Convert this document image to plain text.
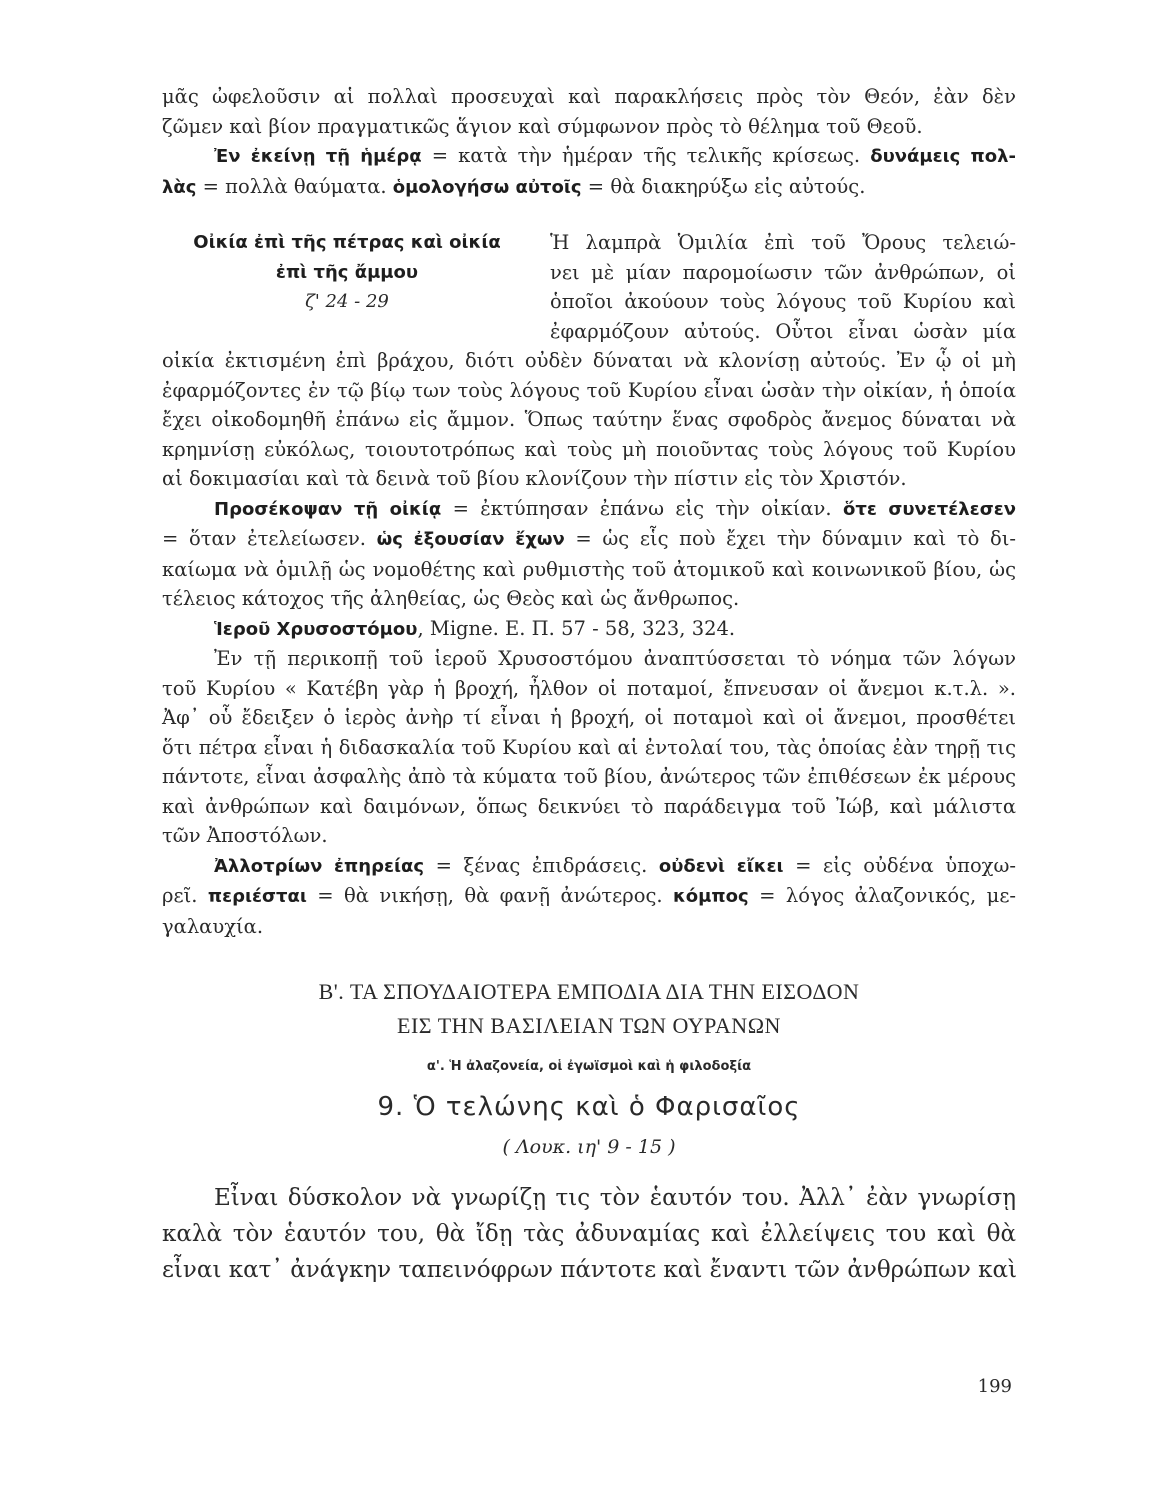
μᾶς ὠφελοῦσιν αἱ πολλαὶ προσευχαὶ καὶ παρακλήσεις πρὸς τὸν Θεόν, ἐὰν δὲν
ζῶμεν καὶ βίον πραγματικῶς ἅγιον καὶ σύμφωνον πρὸς τὸ θέλημα τοῦ Θεοῦ.
Ἐν ἐκείνῃ τῇ ἡμέρᾳ = κατὰ τὴν ἡμέραν τῆς τελικῆς κρίσεως. δυνάμεις πολ-
λὰς = πολλὰ θαύματα. ὁμολογήσω αὐτοῖς = θὰ διακηρύξω εἰς αὐτούς.
Οἰκία ἐπὶ τῆς πέτρας καὶ οἰκία
ἐπὶ τῆς ἄμμου
ζ' 24 - 29
Ἡ λαμπρὰ Ὁμιλία ἐπὶ τοῦ Ὄρους τελειώ-
νει μὲ μίαν παρομοίωσιν τῶν ἀνθρώπων, οἱ
ὁποῖοι ἀκούουν τοὺς λόγους τοῦ Κυρίου καὶ
ἐφαρμόζουν αὐτούς. Οὗτοι εἶναι ὡσὰν μία
οἰκία ἐκτισμένη ἐπὶ βράχου, διότι οὐδὲν δύναται νὰ κλονίσῃ αὐτούς. Ἐν ᾧ οἱ μὴ
ἐφαρμόζοντες ἐν τῷ βίῳ των τοὺς λόγους τοῦ Κυρίου εἶναι ὡσὰν τὴν οἰκίαν, ἡ ὁποία
ἔχει οἰκοδομηθῆ ἐπάνω εἰς ἄμμον. Ὅπως ταύτην ἕνας σφοδρὸς ἄνεμος δύναται νὰ
κρημνίσῃ εὐκόλως, τοιουτοτρόπως καὶ τοὺς μὴ ποιοῦντας τοὺς λόγους τοῦ Κυρίου
αἱ δοκιμασίαι καὶ τὰ δεινὰ τοῦ βίου κλονίζουν τὴν πίστιν εἰς τὸν Χριστόν.
Προσέκοψαν τῇ οἰκίᾳ = ἐκτύπησαν ἐπάνω εἰς τὴν οἰκίαν. ὅτε συνετέλεσεν
= ὅταν ἐτελείωσεν. ὡς ἐξουσίαν ἔχων = ὡς εἷς ποὺ ἔχει τὴν δύναμιν καὶ τὸ δι-
καίωμα νὰ ὁμιλῇ ὡς νομοθέτης καὶ ρυθμιστὴς τοῦ ἀτομικοῦ καὶ κοινωνικοῦ βίου, ὡς
τέλειος κάτοχος τῆς ἀληθείας, ὡς Θεὸς καὶ ὡς ἄνθρωπος.
Ἱεροῦ Χρυσοστόμου, Migne. Ε. Π. 57 - 58, 323, 324.
Ἐν τῇ περικοπῇ τοῦ ἱεροῦ Χρυσοστόμου ἀναπτύσσεται τὸ νόημα τῶν λόγων
τοῦ Κυρίου « Κατέβη γὰρ ἡ βροχή, ἦλθον οἱ ποταμοί, ἔπνευσαν οἱ ἄνεμοι κ.τ.λ. ».
Ἀφ᾽ οὗ ἔδειξεν ὁ ἱερὸς ἀνὴρ τί εἶναι ἡ βροχή, οἱ ποταμοὶ καὶ οἱ ἄνεμοι, προσθέτει
ὅτι πέτρα εἶναι ἡ διδασκαλία τοῦ Κυρίου καὶ αἱ ἐντολαί του, τὰς ὁποίας ἐὰν τηρῇ τις
πάντοτε, εἶναι ἀσφαλὴς ἀπὸ τὰ κύματα τοῦ βίου, ἀνώτερος τῶν ἐπιθέσεων ἐκ μέρους
καὶ ἀνθρώπων καὶ δαιμόνων, ὅπως δεικνύει τὸ παράδειγμα τοῦ Ἰώβ, καὶ μάλιστα
τῶν Ἀποστόλων.
Ἀλλοτρίων ἐπηρείας = ξένας ἐπιδράσεις. οὐδενὶ εἴκει = εἰς οὐδένα ὑποχω-
ρεῖ. περιέσται = θὰ νικήσῃ, θὰ φανῇ ἀνώτερος. κόμπος = λόγος ἀλαζονικός, με-
γαλαυχία.
Β'. ΤΑ ΣΠΟΥΔΑΙΟΤΕΡΑ ΕΜΠΟΔΙΑ ΔΙΑ ΤΗΝ ΕΙΣΟΔΟΝ
ΕΙΣ ΤΗΝ ΒΑΣΙΛΕΙΑΝ ΤΩΝ ΟΥΡΑΝΩΝ
α'. Ἡ ἀλαζονεία, οἱ ἐγωϊσμοὶ καὶ ἡ φιλοδοξία
9. Ὁ τελώνης καὶ ὁ Φαρισαῖος
( Λουκ. ιη' 9 - 15 )
Εἶναι δύσκολον νὰ γνωρίζῃ τις τὸν ἑαυτόν του. Ἀλλ᾽ ἐὰν γνωρίσῃ
καλὰ τὸν ἑαυτόν του, θὰ ἴδῃ τὰς ἀδυναμίας καὶ ἐλλείψεις του καὶ θὰ
εἶναι κατ᾽ ἀνάγκην ταπεινόφρων πάντοτε καὶ ἔναντι τῶν ἀνθρώπων καὶ
199
